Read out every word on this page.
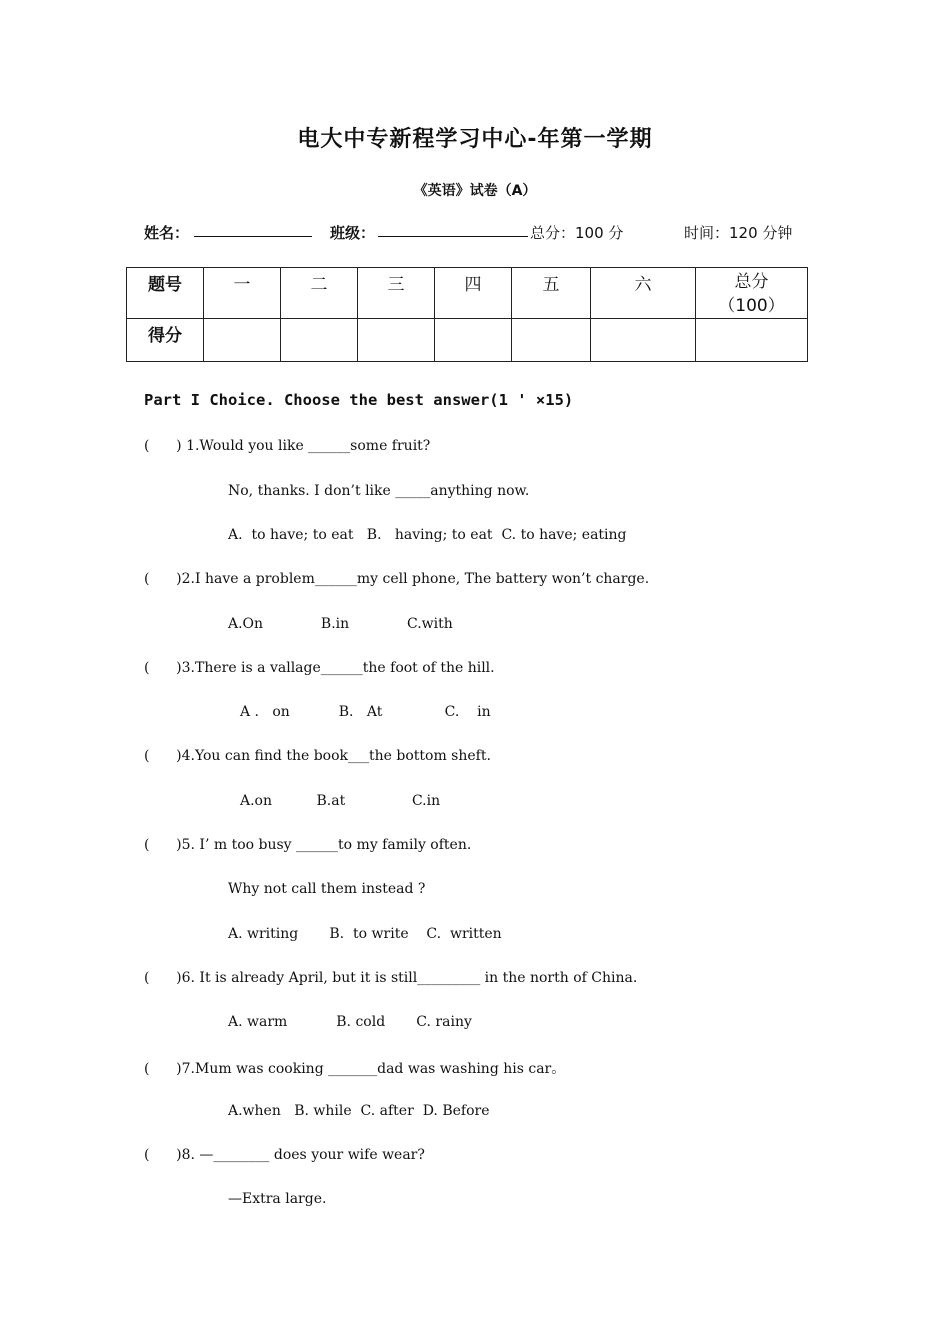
电大中专新程学习中心-年第一学期
《英语》试卷（A）
姓名：	班级：	总分：100 分	时间：120 分钟
题号	一	二	三	四	五	六	总分
（100）
得分							
Part I Choice. Choose the best answer(1 ' ×15)
(      ) 1.Would you like ______some fruit?
No, thanks. I don’t like _____anything now.
A.  to have; to eat   B.   having; to eat  C. to have; eating
(      )2.I have a problem______my cell phone, The battery won’t charge.
A.On             B.in             C.with
(      )3.There is a vallage______the foot of the hill.
A .   on           B.   At              C.    in
(      )4.You can find the book___the bottom sheft.
A.on          B.at               C.in
(      )5. I’ m too busy ______to my family often.
Why not call them instead ?
A. writing       B.  to write    C.  written
(      )6. It is already April, but it is still_________ in the north of China.
A. warm           B. cold       C. rainy
(      )7.Mum was cooking _______dad was washing his car。
A.when   B. while  C. after  D. Before
(      )8. —________ does your wife wear?
—Extra large.
